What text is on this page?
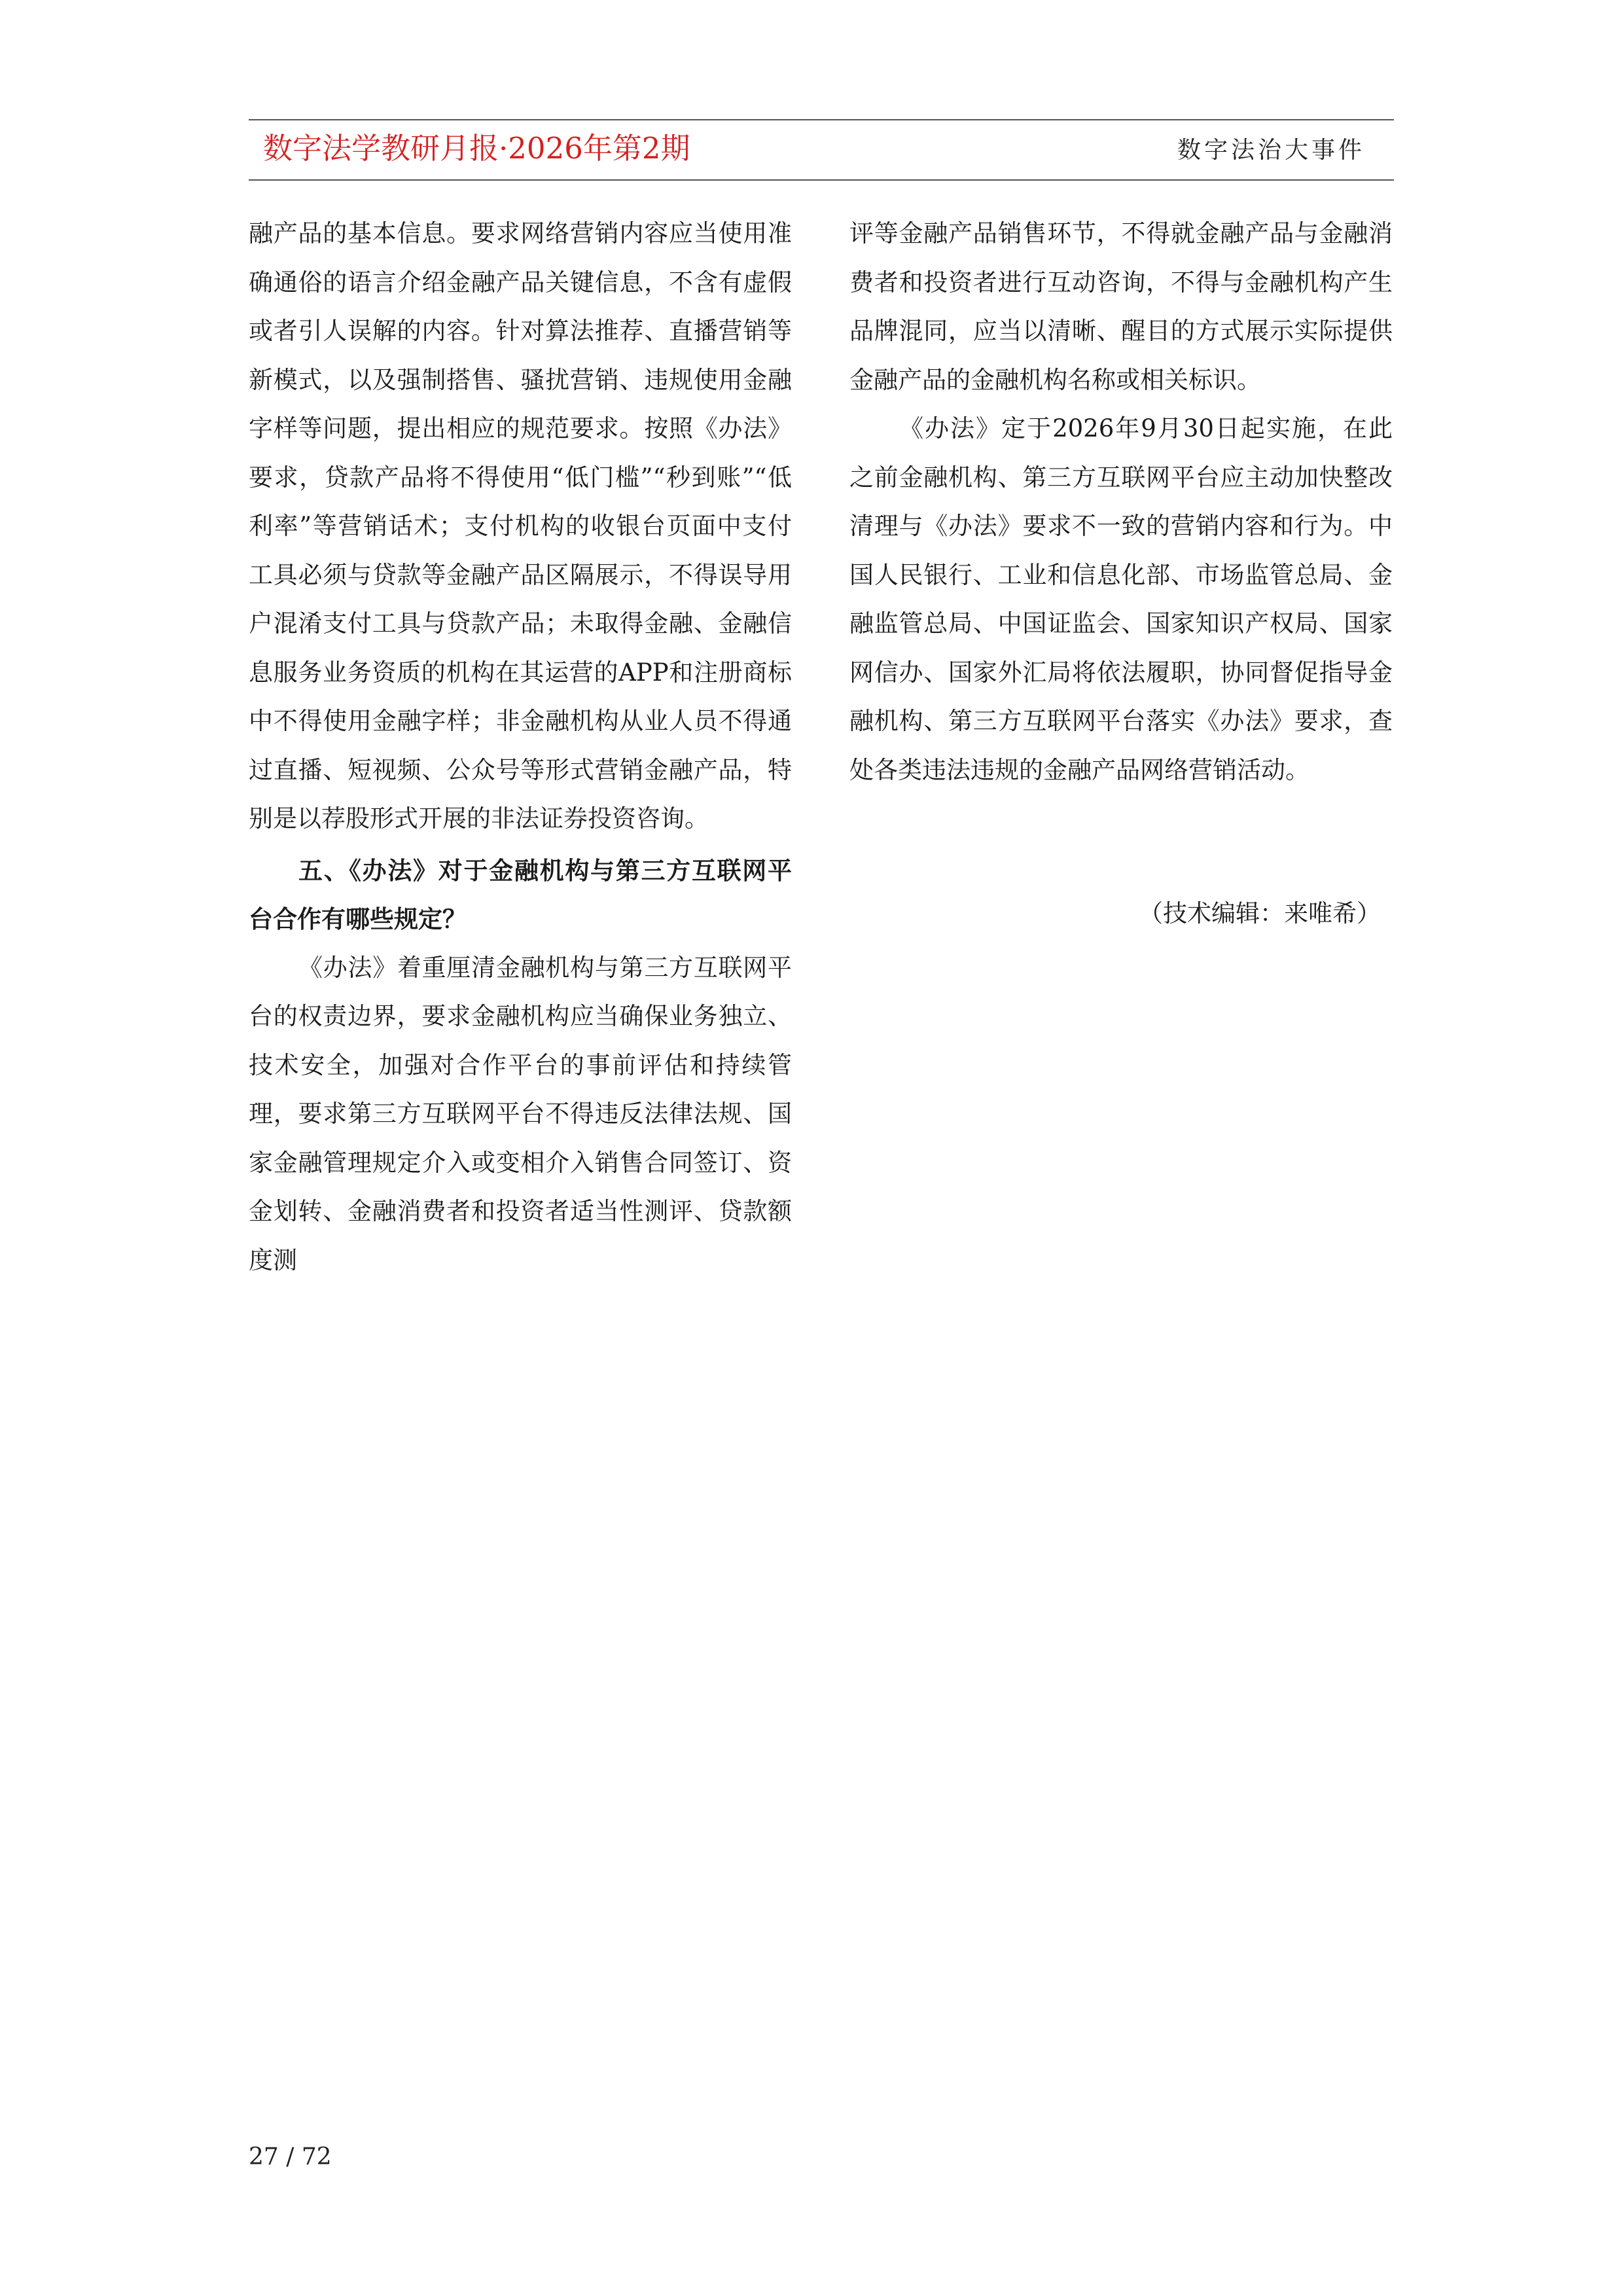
数字法学教研月报·2026年第2期	数字法治大事件

融产品的基本信息。要求网络营销内容应当使用准确通俗的语言介绍金融产品关键信息，不含有虚假或者引人误解的内容。针对算法推荐、直播营销等新模式，以及强制搭售、骚扰营销、违规使用金融字样等问题，提出相应的规范要求。按照《办法》要求，贷款产品将不得使用“低门槛”“秒到账”“低利率”等营销话术；支付机构的收银台页面中支付工具必须与贷款等金融产品区隔展示，不得误导用户混淆支付工具与贷款产品；未取得金融、金融信息服务业务资质的机构在其运营的APP和注册商标中不得使用金融字样；非金融机构从业人员不得通过直播、短视频、公众号等形式营销金融产品，特别是以荐股形式开展的非法证券投资咨询。

五、《办法》对于金融机构与第三方互联网平台合作有哪些规定？

《办法》着重厘清金融机构与第三方互联网平台的权责边界，要求金融机构应当确保业务独立、技术安全，加强对合作平台的事前评估和持续管理，要求第三方互联网平台不得违反法律法规、国家金融管理规定介入或变相介入销售合同签订、资金划转、金融消费者和投资者适当性测评、贷款额度测

评等金融产品销售环节，不得就金融产品与金融消费者和投资者进行互动咨询，不得与金融机构产生品牌混同，应当以清晰、醒目的方式展示实际提供金融产品的金融机构名称或相关标识。

《办法》定于2026年9月30日起实施，在此之前金融机构、第三方互联网平台应主动加快整改清理与《办法》要求不一致的营销内容和行为。中国人民银行、工业和信息化部、市场监管总局、金融监管总局、中国证监会、国家知识产权局、国家网信办、国家外汇局将依法履职，协同督促指导金融机构、第三方互联网平台落实《办法》要求，查处各类违法违规的金融产品网络营销活动。

（技术编辑：来唯希）
27 / 72
